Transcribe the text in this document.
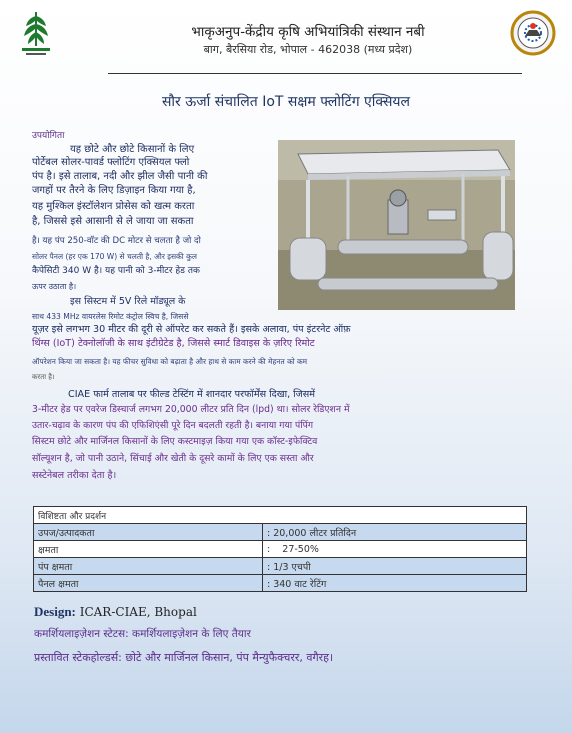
भाकृअनुप-केंद्रीय कृषि अभियांत्रिकी संस्थान नबी
बाग, बैरसिया रोड, भोपाल - 462038 (मध्य प्रदेश)
सौर ऊर्जा संचालित IoT सक्षम फ्लोटिंग एक्सियल
उपयोगिता
यह छोटे और छोटे किसानों के लिए
पोर्टेबल सोलर-पावर्ड फ्लोटिंग एक्सियल फ्लो
पंप है। इसे तालाब, नदी और झील जैसी पानी की
जगहों पर तैरने के लिए डिज़ाइन किया गया है,
यह मुश्किल इंस्टॉलेशन प्रोसेस को खत्म करता
है, जिससे इसे आसानी से ले जाया जा सकता
है। यह पंप 250-वॉट की DC मोटर से चलता है जो दो
सोलर पैनल (हर एक 170 W) से चलती है, और इसकी कुल
कैपेसिटी 340 W है। यह पानी को 3-मीटर हेड तक
ऊपर उठाता है।
इस सिस्टम में 5V रिले मॉड्यूल के
साथ 433 MHz वायरलेस रिमोट कंट्रोल स्विच है, जिससे
यूज़र इसे लगभग 30 मीटर की दूरी से ऑपरेट कर सकते हैं। इसके अलावा, पंप इंटरनेट ऑफ़
थिंग्स (IoT) टेक्नोलॉजी के साथ इंटीग्रेटेड है, जिससे स्मार्ट डिवाइस के ज़रिए रिमोट
ऑपरेशन किया जा सकता है। यह फीचर सुविधा को बढ़ाता है और हाथ से काम करने की मेहनत को कम
करता है।
CIAE फार्म तालाब पर फील्ड टेस्टिंग में शानदार परफॉर्मेंस दिखा, जिसमें
3-मीटर हेड पर एवरेज डिस्चार्ज लगभग 20,000 लीटर प्रति दिन (lpd) था। सोलर रेडिएशन में
उतार-चढ़ाव के कारण पंप की एफिशिएंसी पूरे दिन बदलती रहती है। बनाया गया पंपिंग
सिस्टम छोटे और मार्जिनल किसानों के लिए कस्टमाइज़ किया गया एक कॉस्ट-इफेक्टिव
सॉल्यूशन है, जो पानी उठाने, सिंचाई और खेती के दूसरे कामों के लिए एक सस्ता और
सस्टेनेबल तरीका देता है।
विशिष्टता और प्रदर्शन	
उपज/उत्पादकता	: 20,000 लीटर प्रतिदिन
क्षमता	:    27-50%
पंप क्षमता	: 1/3 एचपी
पैनल क्षमता	: 340 वाट रेटिंग
Design: ICAR-CIAE, Bhopal
कमर्शियलाइज़ेशन स्टेटस: कमर्शियलाइज़ेशन के लिए तैयार
प्रस्तावित स्टेकहोल्डर्स: छोटे और मार्जिनल किसान, पंप मैन्युफैक्चरर, वगैरह।
